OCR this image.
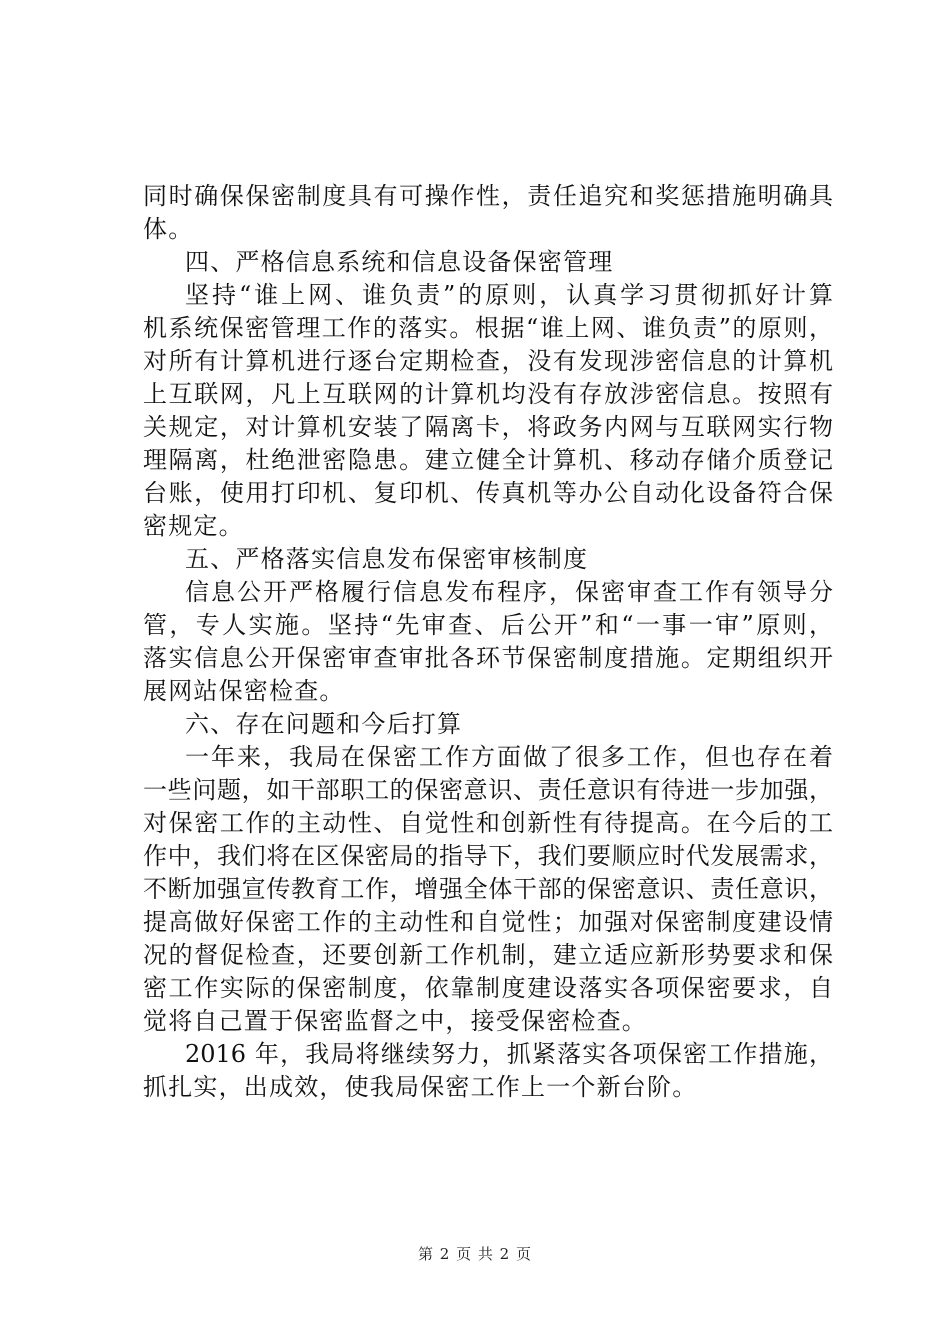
同时确保保密制度具有可操作性，责任追究和奖惩措施明确具
体。
四、严格信息系统和信息设备保密管理
坚持“谁上网、谁负责”的原则，认真学习贯彻抓好计算
机系统保密管理工作的落实。根据“谁上网、谁负责”的原则，
对所有计算机进行逐台定期检查，没有发现涉密信息的计算机
上互联网，凡上互联网的计算机均没有存放涉密信息。按照有
关规定，对计算机安装了隔离卡，将政务内网与互联网实行物
理隔离，杜绝泄密隐患。建立健全计算机、移动存储介质登记
台账，使用打印机、复印机、传真机等办公自动化设备符合保
密规定。
五、严格落实信息发布保密审核制度
信息公开严格履行信息发布程序，保密审查工作有领导分
管，专人实施。坚持“先审查、后公开”和“一事一审”原则，
落实信息公开保密审查审批各环节保密制度措施。定期组织开
展网站保密检查。
六、存在问题和今后打算
一年来，我局在保密工作方面做了很多工作，但也存在着
一些问题，如干部职工的保密意识、责任意识有待进一步加强，
对保密工作的主动性、自觉性和创新性有待提高。在今后的工
作中，我们将在区保密局的指导下，我们要顺应时代发展需求，
不断加强宣传教育工作，增强全体干部的保密意识、责任意识，
提高做好保密工作的主动性和自觉性；加强对保密制度建设情
况的督促检查，还要创新工作机制，建立适应新形势要求和保
密工作实际的保密制度，依靠制度建设落实各项保密要求，自
觉将自己置于保密监督之中，接受保密检查。
2016 年，我局将继续努力，抓紧落实各项保密工作措施，
抓扎实，出成效，使我局保密工作上一个新台阶。
第 2 页 共 2 页
